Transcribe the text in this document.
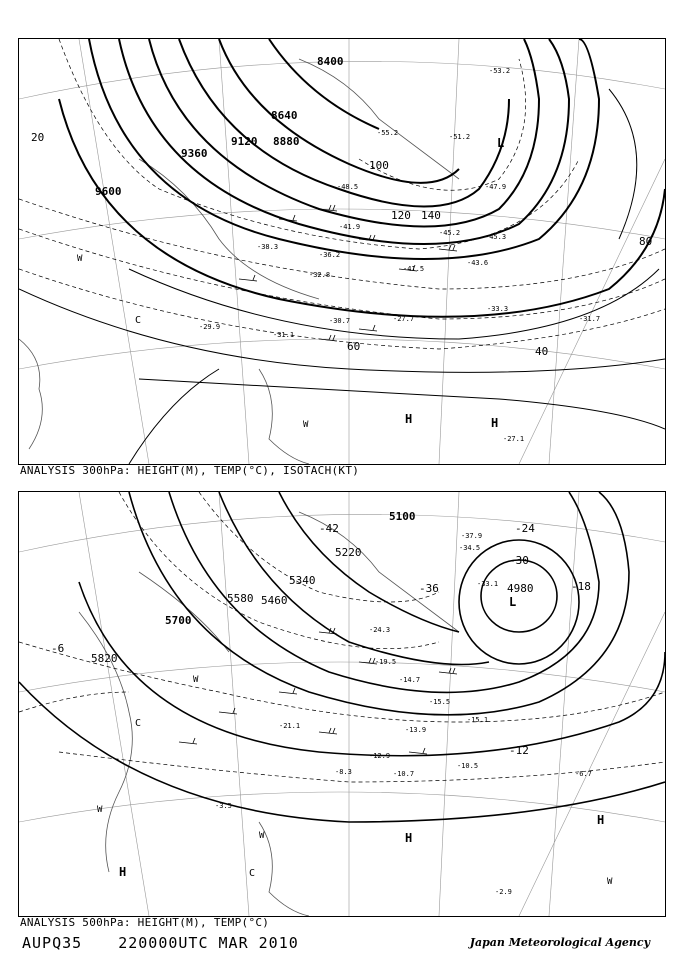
8400
8640
8880
9120
9360
9600
20
40
60
80
100
120 140
-55.2
-53.2
-51.2
-48.5
-45.2
-41.9
-38.3
-36.2
-32.8
-29.9
-30.7
-31.1
-31.7
-33.3
-27.7
-27.1
-43.6
-45.3
-47.9
-41.5
L
H	H
W
W
C
ANALYSIS 300hPa: HEIGHT(M), TEMP(°C), ISOTACH(KT)
4980
5220
5340
5460
5580
5700
5820
5100
-42
-36
-30
-24
-18
-12
-6
-34.5
-37.9
-33.1
-24.3
-19.5
-14.7
-13.9
-10.7
-10.5
-8.3	-6.7
-3.5
-2.9
-12.9
-15.1
-15.5
-21.1
L
H
H
H
W
W
W
W
C
C
ANALYSIS 500hPa: HEIGHT(M), TEMP(°C)
AUPQ35 220000UTC MAR 2010	Japan Meteorological Agency
